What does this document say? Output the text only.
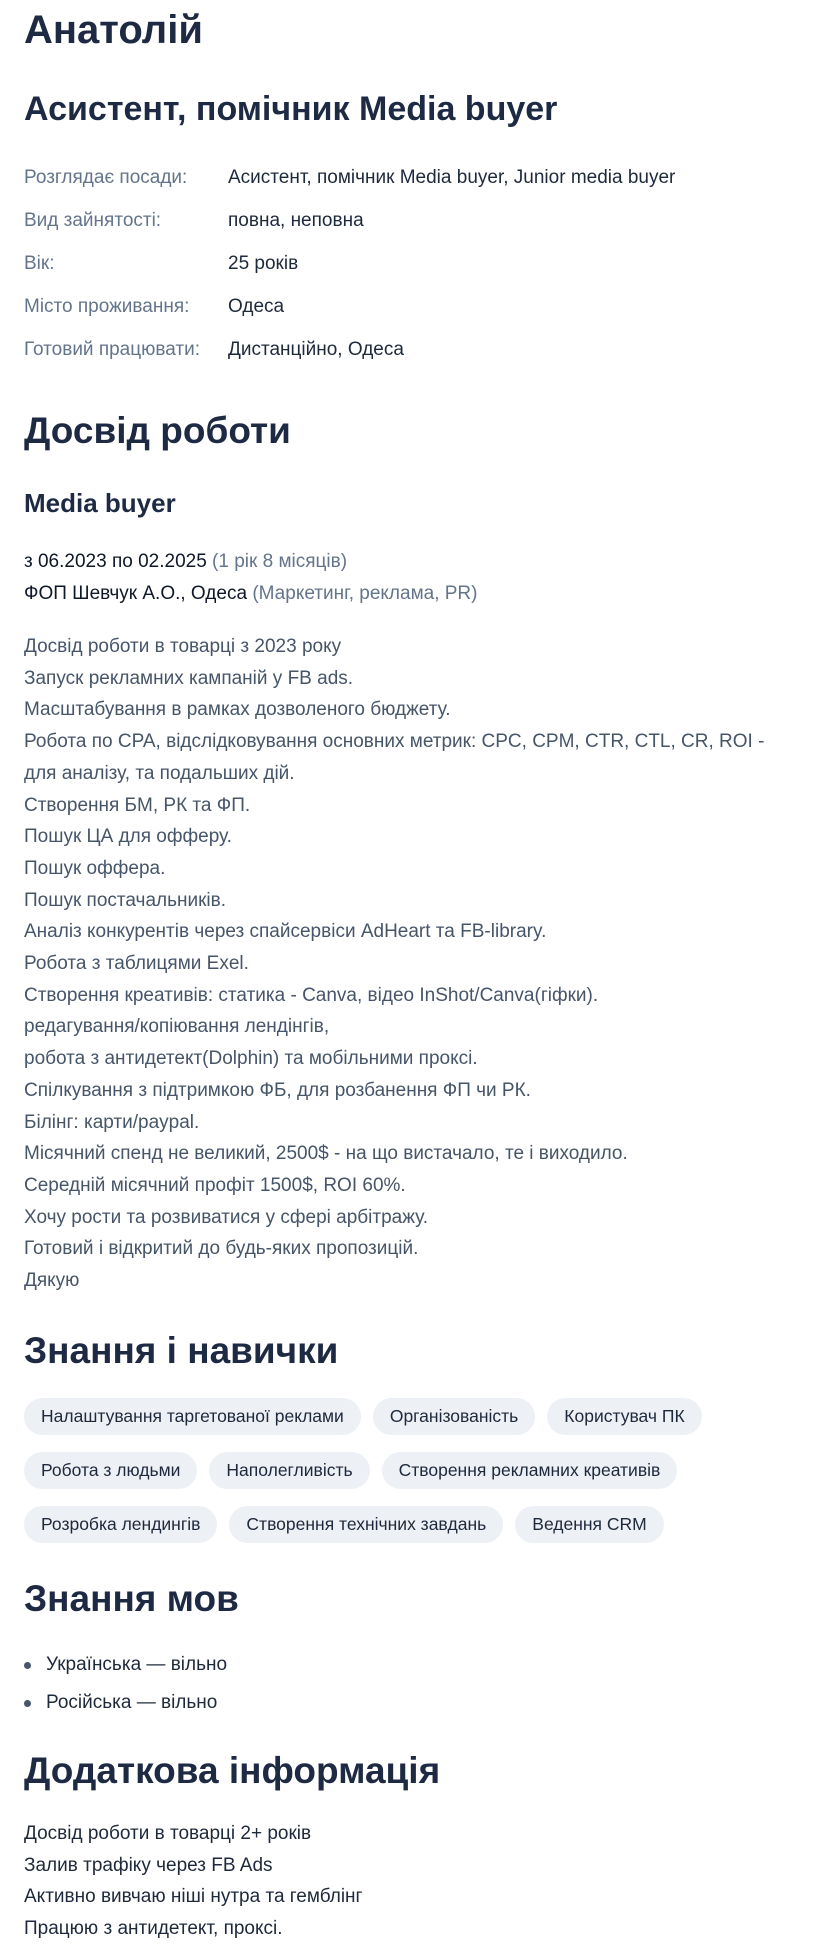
Анатолій
Асистент, помічник Media buyer
Розглядає посади:	Асистент, помічник Media buyer, Junior media buyer
Вид зайнятості:	повна, неповна
Вік:	25 років
Місто проживання:	Одеса
Готовий працювати:	Дистанційно, Одеса
Досвід роботи
Media buyer
з 06.2023 по 02.2025 (1 рік 8 місяців)
ФОП Шевчук А.О., Одеса (Маркетинг, реклама, PR)
Досвід роботи в товарці з 2023 року
Запуск рекламних кампаній у FB ads.
Масштабування в рамках дозволеного бюджету.
Робота по CPA, відслідковування основних метрик: CPC, CPM, CTR, CTL, CR, ROI - для аналізу, та подальших дій.
Створення БМ, РК та ФП.
Пошук ЦА для офферу.
Пошук оффера.
Пошук постачальників.
Аналіз конкурентів через спайсервіси AdHeart та FB-library.
Робота з таблицями Exel.
Створення креативів: статика - Canva, відео InShot/Canva(гіфки).
редагування/копіювання лендінгів,
робота з антидетект(Dolphin) та мобільними проксі.
Спілкування з підтримкою ФБ, для розбанення ФП чи РК.
Білінг: карти/paypal.
Місячний спенд не великий, 2500$ - на що вистачало, те і виходило.
Середній місячний профіт 1500$, ROI 60%.
Хочу рости та розвиватися у сфері арбітражу.
Готовий і відкритий до будь-яких пропозицій.
Дякую
Знання і навички
Налаштування таргетованої реклами	Організованість	Користувач ПК
Робота з людьми	Наполегливість	Створення рекламних креативів
Розробка лендингів	Створення технічних завдань	Ведення CRM
Знання мов
Українська — вільно
Російська — вільно
Додаткова інформація
Досвід роботи в товарці 2+ років
Залив трафіку через FB Ads
Активно вивчаю ніші нутра та гемблінг
Працюю з антидетект, проксі.
